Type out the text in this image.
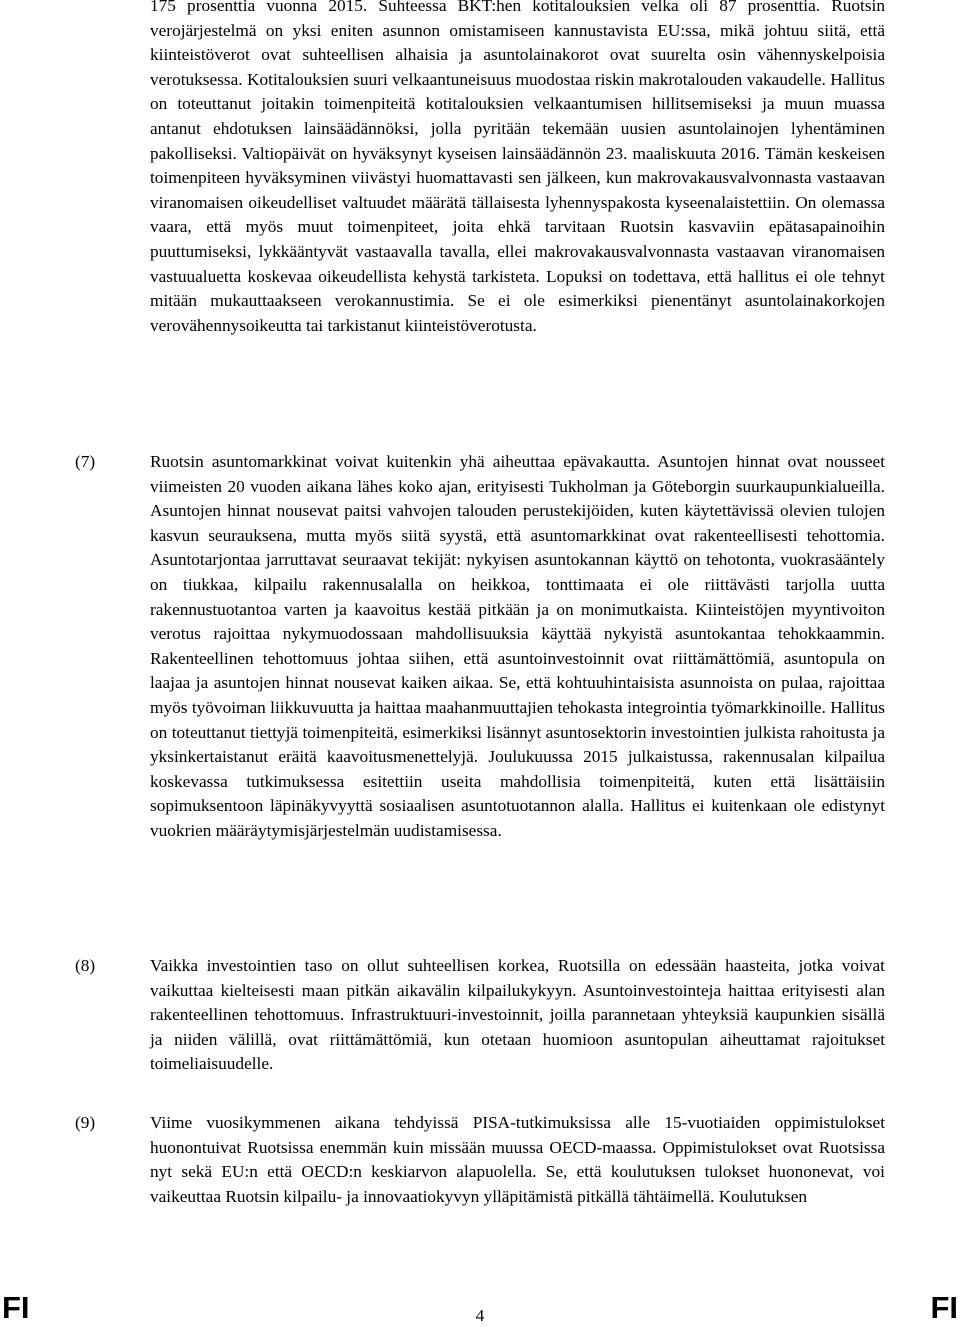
175 prosenttia vuonna 2015. Suhteessa BKT:hen kotitalouksien velka oli 87 prosenttia. Ruotsin verojärjestelmä on yksi eniten asunnon omistamiseen kannustavista EU:ssa, mikä johtuu siitä, että kiinteistöverot ovat suhteellisen alhaisia ja asuntolainakorot ovat suurelta osin vähennyskelpoisia verotuksessa. Kotitalouksien suuri velkaantuneisuus muodostaa riskin makrotalouden vakaudelle. Hallitus on toteuttanut joitakin toimenpiteitä kotitalouksien velkaantumisen hillitsemiseksi ja muun muassa antanut ehdotuksen lainsäädännöksi, jolla pyritään tekemään uusien asuntolainojen lyhentäminen pakolliseksi. Valtiopäivät on hyväksynyt kyseisen lainsäädännön 23. maaliskuuta 2016. Tämän keskeisen toimenpiteen hyväksyminen viivästyi huomattavasti sen jälkeen, kun makrovakausvalvonnasta vastaavan viranomaisen oikeudelliset valtuudet määrätä tällaisesta lyhennyspakosta kyseenalaistettiin. On olemassa vaara, että myös muut toimenpiteet, joita ehkä tarvitaan Ruotsin kasvaviin epätasapainoihin puuttumiseksi, lykkääntyvät vastaavalla tavalla, ellei makrovakausvalvonnasta vastaavan viranomaisen vastuualuetta koskevaa oikeudellista kehystä tarkisteta. Lopuksi on todettava, että hallitus ei ole tehnyt mitään mukauttaakseen verokannustimia. Se ei ole esimerkiksi pienentänyt asuntolainakorkojen verovähennysoikeutta tai tarkistanut kiinteistöverotusta.

(7)	Ruotsin asuntomarkkinat voivat kuitenkin yhä aiheuttaa epävakautta. Asuntojen hinnat ovat nousseet viimeisten 20 vuoden aikana lähes koko ajan, erityisesti Tukholman ja Göteborgin suurkaupunkialueilla. Asuntojen hinnat nousevat paitsi vahvojen talouden perustekijöiden, kuten käytettävissä olevien tulojen kasvun seurauksena, mutta myös siitä syystä, että asuntomarkkinat ovat rakenteellisesti tehottomia. Asuntotarjontaa jarruttavat seuraavat tekijät: nykyisen asuntokannan käyttö on tehotonta, vuokrasääntely on tiukkaa, kilpailu rakennusalalla on heikkoa, tonttimaata ei ole riittävästi tarjolla uutta rakennustuotantoa varten ja kaavoitus kestää pitkään ja on monimutkaista. Kiinteistöjen myyntivoiton verotus rajoittaa nykymuodossaan mahdollisuuksia käyttää nykyistä asuntokantaa tehokkaammin. Rakenteellinen tehottomuus johtaa siihen, että asuntoinvestoinnit ovat riittämättömiä, asuntopula on laajaa ja asuntojen hinnat nousevat kaiken aikaa. Se, että kohtuuhintaisista asunnoista on pulaa, rajoittaa myös työvoiman liikkuvuutta ja haittaa maahanmuuttajien tehokasta integrointia työmarkkinoille. Hallitus on toteuttanut tiettyjä toimenpiteitä, esimerkiksi lisännyt asuntosektorin investointien julkista rahoitusta ja yksinkertaistanut eräitä kaavoitusmenettelyjä. Joulukuussa 2015 julkaistussa, rakennusalan kilpailua koskevassa tutkimuksessa esitettiin useita mahdollisia toimenpiteitä, kuten että lisättäisiin sopimuksentoon läpinäkyvyyttä sosiaalisen asuntotuotannon alalla. Hallitus ei kuitenkaan ole edistynyt vuokrien määräytymisjärjestelmän uudistamisessa.

(8)	Vaikka investointien taso on ollut suhteellisen korkea, Ruotsilla on edessään haasteita, jotka voivat vaikuttaa kielteisesti maan pitkän aikavälin kilpailukykyyn. Asuntoinvestointeja haittaa erityisesti alan rakenteellinen tehottomuus. Infrastruktuuri-investoinnit, joilla parannetaan yhteyksiä kaupunkien sisällä ja niiden välillä, ovat riittämättömiä, kun otetaan huomioon asuntopulan aiheuttamat rajoitukset toimeliaisuudelle.

(9)	Viime vuosikymmenen aikana tehdyissä PISA-tutkimuksissa alle 15-vuotiaiden oppimistulokset huonontuivat Ruotsissa enemmän kuin missään muussa OECD-maassa. Oppimistulokset ovat Ruotsissa nyt sekä EU:n että OECD:n keskiarvon alapuolella. Se, että koulutuksen tulokset huononevat, voi vaikeuttaa Ruotsin kilpailu- ja innovaatiokyvyn ylläpitämistä pitkällä tähtäimellä. Koulutuksen

FI	4	FI
